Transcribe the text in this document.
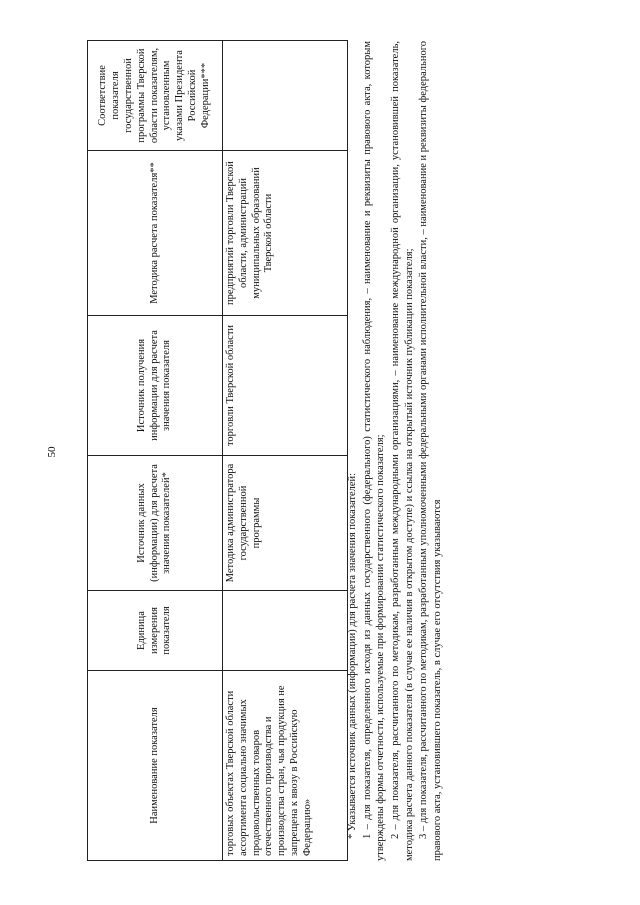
50
Наименование показателя	Единица измерения показателя	Источник данных (информации) для расчета значения показателей*	Источник получения информации для расчета значения показателя	Методика расчета показателя**	Соответствие показателя государственной программы Тверской области показателям, установленным указами Президента Российской Федерации***
торговых объектах Тверской области ассортимента социально значимых продовольственных товаров отечественного производства и производства стран, чья продукция не запрещена к ввозу в Российскую Федерацию»		Методика администратора государственной программы	торговли Тверской области	предприятий торговли Тверской области, администраций муниципальных образований Тверской области	

* Указывается источник данных (информации) для расчета значения показателей: 1 – для показателя, определенного исходя из данных государственного (федерального) статистического наблюдения, – наименование и реквизиты правового акта, которым утверждены формы отчетности, используемые при формировании статистического показателя; 2 – для показателя, рассчитанного по методикам, разработанным международными организациями, – наименование международной организации, установившей показатель, методика расчета данного показателя (в случае ее наличия в открытом доступе) и ссылка на открытый источник публикации показателя; 3 – для показателя, рассчитанного по методикам, разработанным уполномоченными федеральными органами исполнительной власти, – наименование и реквизиты федерального правового акта, установившего показатель, в случае его отсутствия указываются
